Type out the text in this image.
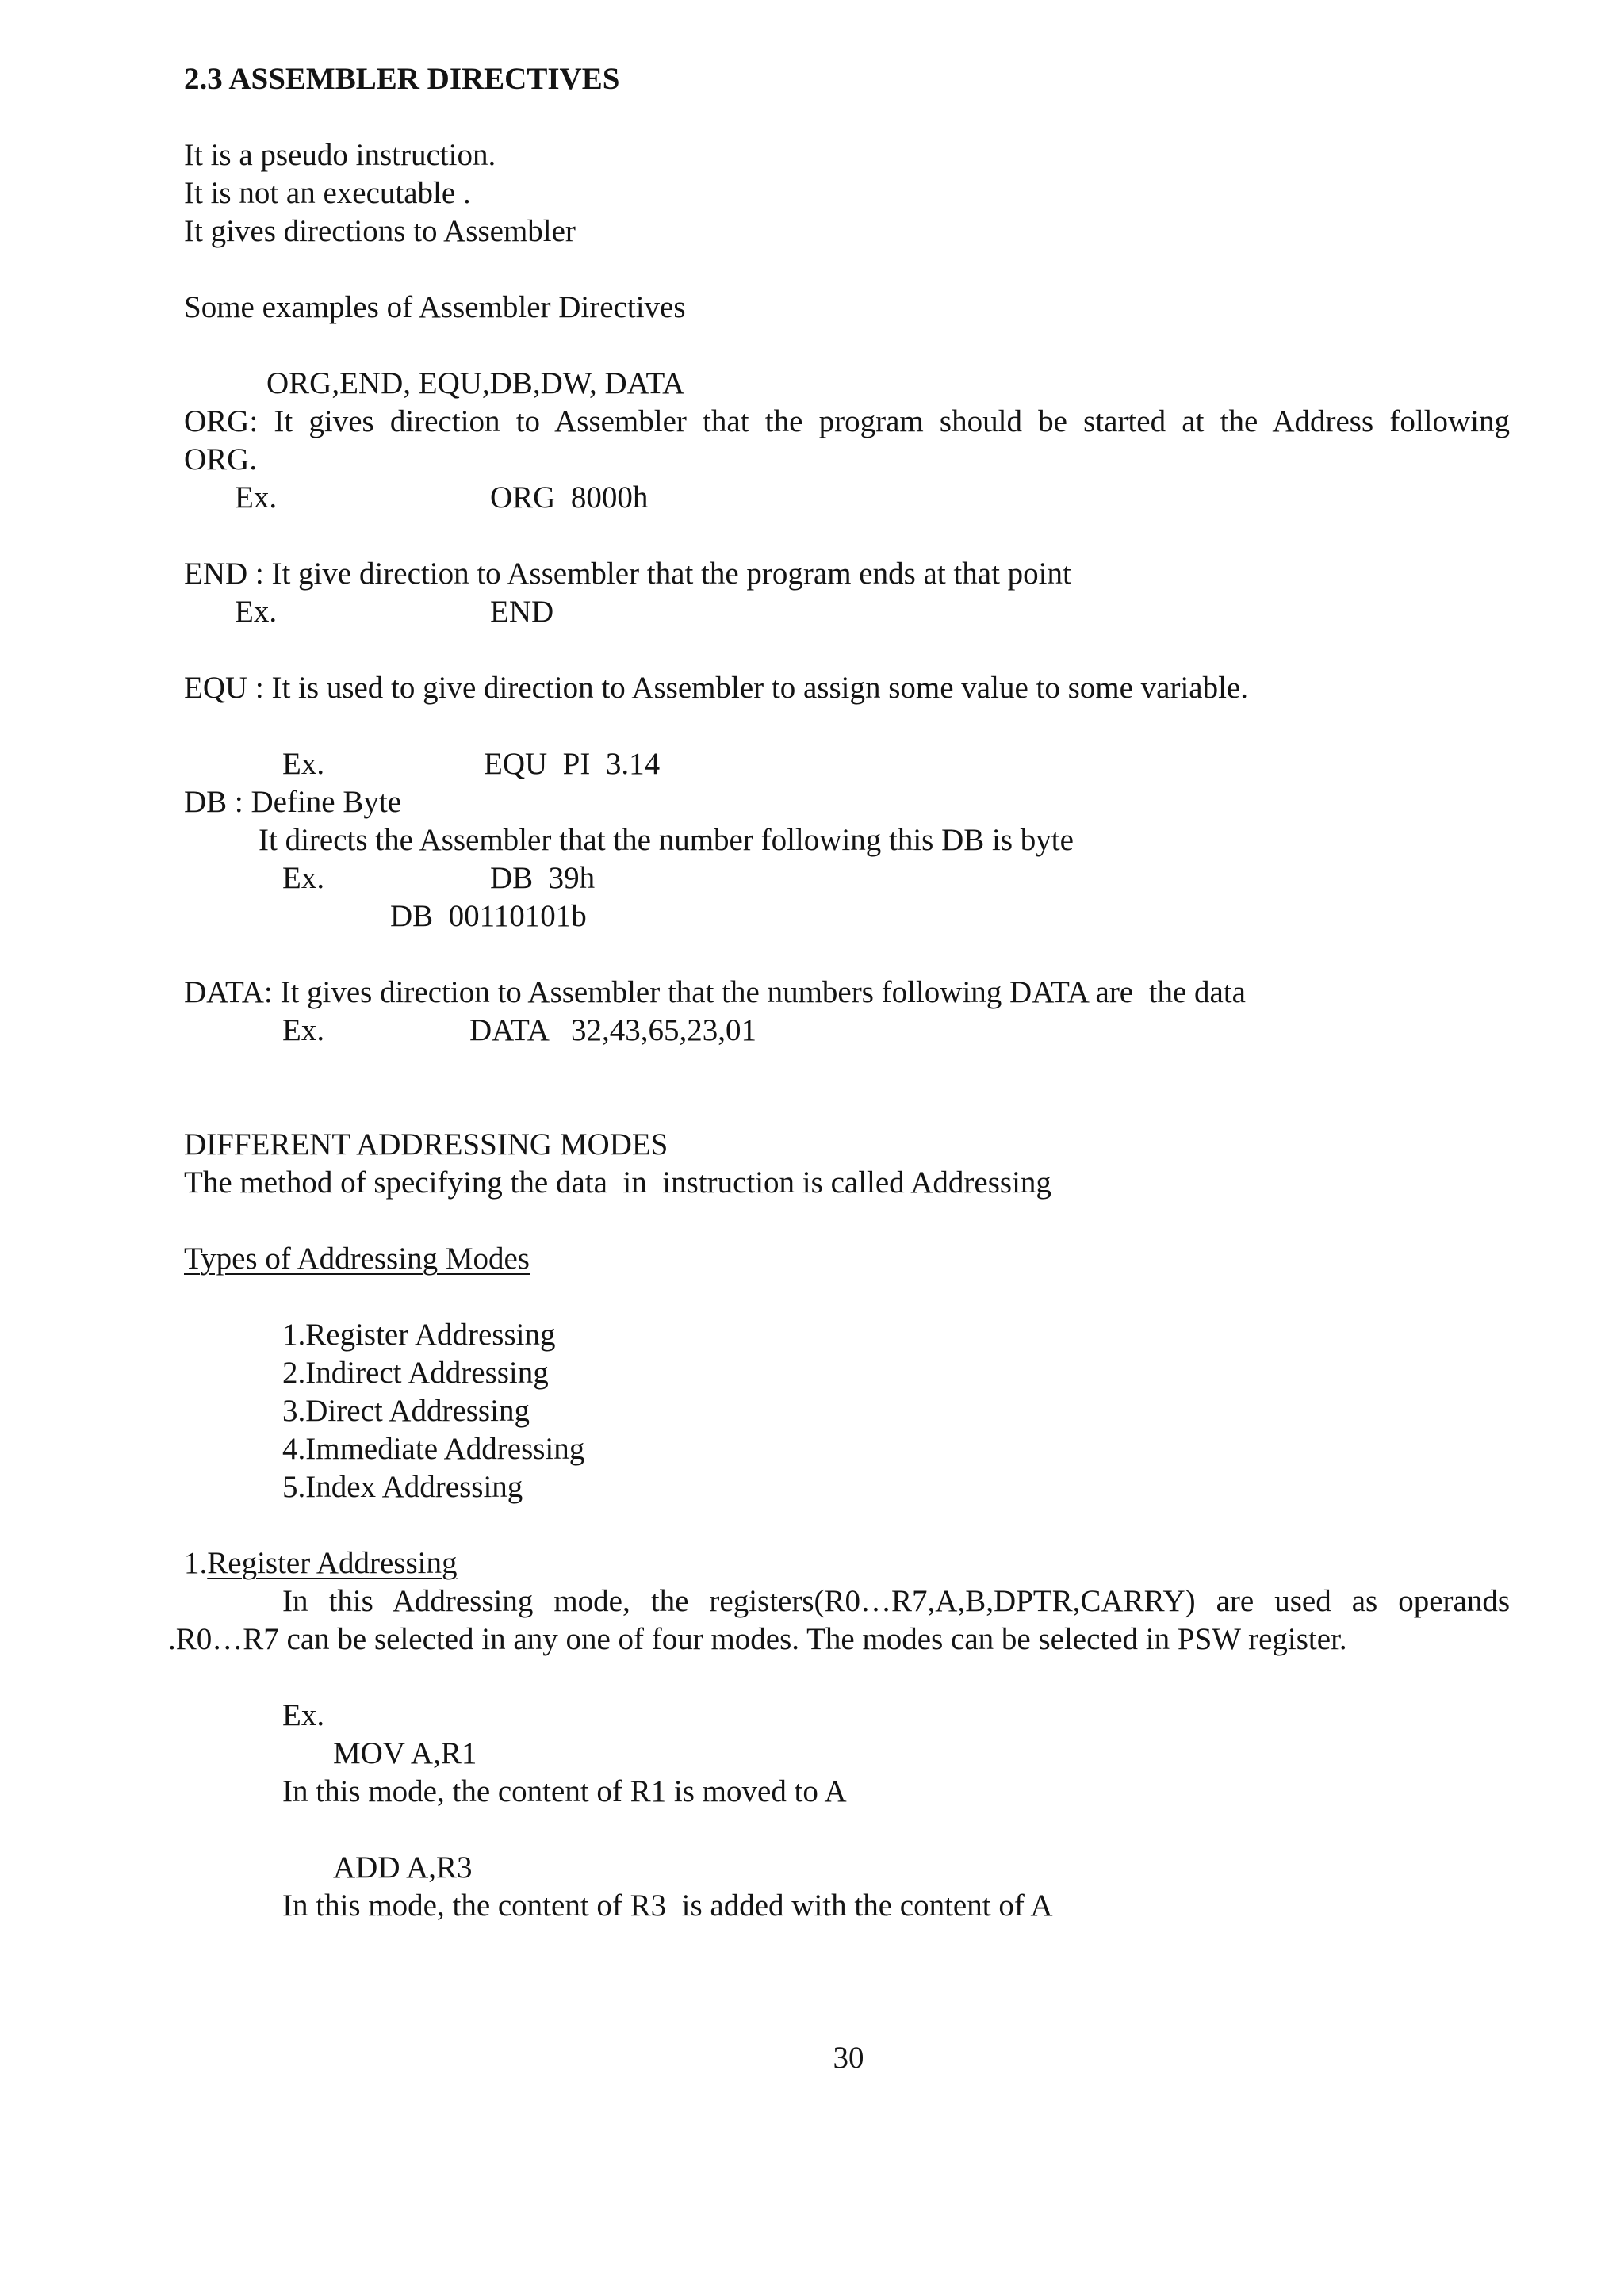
2.3 ASSEMBLER DIRECTIVES
It is a pseudo instruction.
It is not an executable .
It gives directions to Assembler
Some examples of Assembler Directives
ORG,END, EQU,DB,DW, DATA
ORG: It gives direction to Assembler that the program should be started at the Address following
ORG.
Ex.	ORG  8000h
END : It give direction to Assembler that the program ends at that point
Ex.	END
EQU : It is used to give direction to Assembler to assign some value to some variable.
Ex.	EQU  PI  3.14
DB : Define Byte
It directs the Assembler that the number following this DB is byte
Ex.	DB  39h
DB  00110101b
DATA: It gives direction to Assembler that the numbers following DATA are  the data
Ex.	DATA   32,43,65,23,01
DIFFERENT ADDRESSING MODES
The method of specifying the data  in  instruction is called Addressing
Types of Addressing Modes
1.Register Addressing
2.Indirect Addressing
3.Direct Addressing
4.Immediate Addressing
5.Index Addressing
1.Register Addressing
In this Addressing mode, the registers(R0…R7,A,B,DPTR,CARRY) are used as operands
.R0…R7 can be selected in any one of four modes. The modes can be selected in PSW register.
Ex.
MOV A,R1
In this mode, the content of R1 is moved to A
ADD A,R3
In this mode, the content of R3  is added with the content of A
30
